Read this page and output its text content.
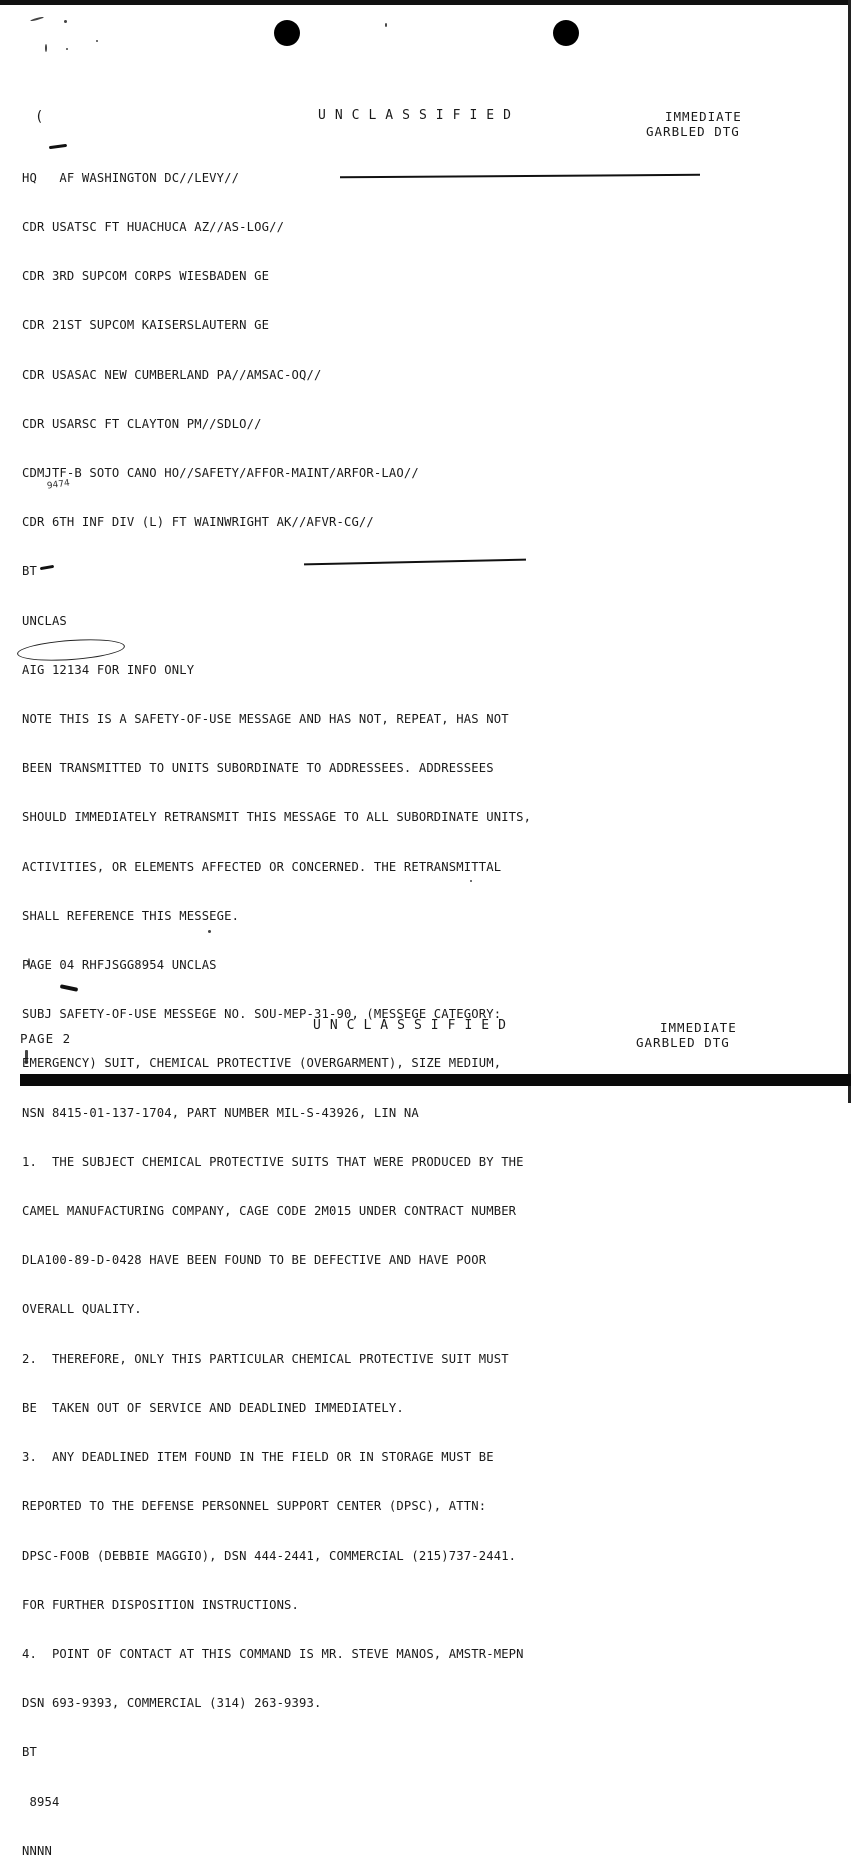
(	UNCLASSIFIED	IMMEDIATE
GARBLED DTG

HQ   AF WASHINGTON DC//LEVY//

CDR USATSC FT HUACHUCA AZ//AS-LOG//

CDR 3RD SUPCOM CORPS WIESBADEN GE

CDR 21ST SUPCOM KAISERSLAUTERN GE

CDR USASAC NEW CUMBERLAND PA//AMSAC-OQ//

CDR USARSC FT CLAYTON PM//SDLO//

CDMJTF-B SOTO CANO HO//SAFETY/AFFOR-MAINT/ARFOR-LAO//

CDR 6TH INF DIV (L) FT WAINWRIGHT AK//AFVR-CG//

BT

UNCLAS

AIG 12134 FOR INFO ONLY

NOTE THIS IS A SAFETY-OF-USE MESSAGE AND HAS NOT, REPEAT, HAS NOT

BEEN TRANSMITTED TO UNITS SUBORDINATE TO ADDRESSEES. ADDRESSEES

SHOULD IMMEDIATELY RETRANSMIT THIS MESSAGE TO ALL SUBORDINATE UNITS,

ACTIVITIES, OR ELEMENTS AFFECTED OR CONCERNED. THE RETRANSMITTAL

SHALL REFERENCE THIS MESSEGE.

PAGE 04 RHFJSGG8954 UNCLAS

SUBJ SAFETY-OF-USE MESSEGE NO. SOU-MEP-31-90, (MESSEGE CATEGORY:

EMERGENCY) SUIT, CHEMICAL PROTECTIVE (OVERGARMENT), SIZE MEDIUM,

NSN 8415-01-137-1704, PART NUMBER MIL-S-43926, LIN NA

1.  THE SUBJECT CHEMICAL PROTECTIVE SUITS THAT WERE PRODUCED BY THE

CAMEL MANUFACTURING COMPANY, CAGE CODE 2M015 UNDER CONTRACT NUMBER

DLA100-89-D-0428 HAVE BEEN FOUND TO BE DEFECTIVE AND HAVE POOR

OVERALL QUALITY.

2.  THEREFORE, ONLY THIS PARTICULAR CHEMICAL PROTECTIVE SUIT MUST

BE  TAKEN OUT OF SERVICE AND DEADLINED IMMEDIATELY.

3.  ANY DEADLINED ITEM FOUND IN THE FIELD OR IN STORAGE MUST BE

REPORTED TO THE DEFENSE PERSONNEL SUPPORT CENTER (DPSC), ATTN:

DPSC-FOOB (DEBBIE MAGGIO), DSN 444-2441, COMMERCIAL (215)737-2441.

FOR FURTHER DISPOSITION INSTRUCTIONS.

4.  POINT OF CONTACT AT THIS COMMAND IS MR. STEVE MANOS, AMSTR-MEPN

DSN 693-9393, COMMERCIAL (314) 263-9393.

BT

8954

NNNN

9474
PAGE 2
UNCLASSIFIED	IMMEDIATE
GARBLED DTG
